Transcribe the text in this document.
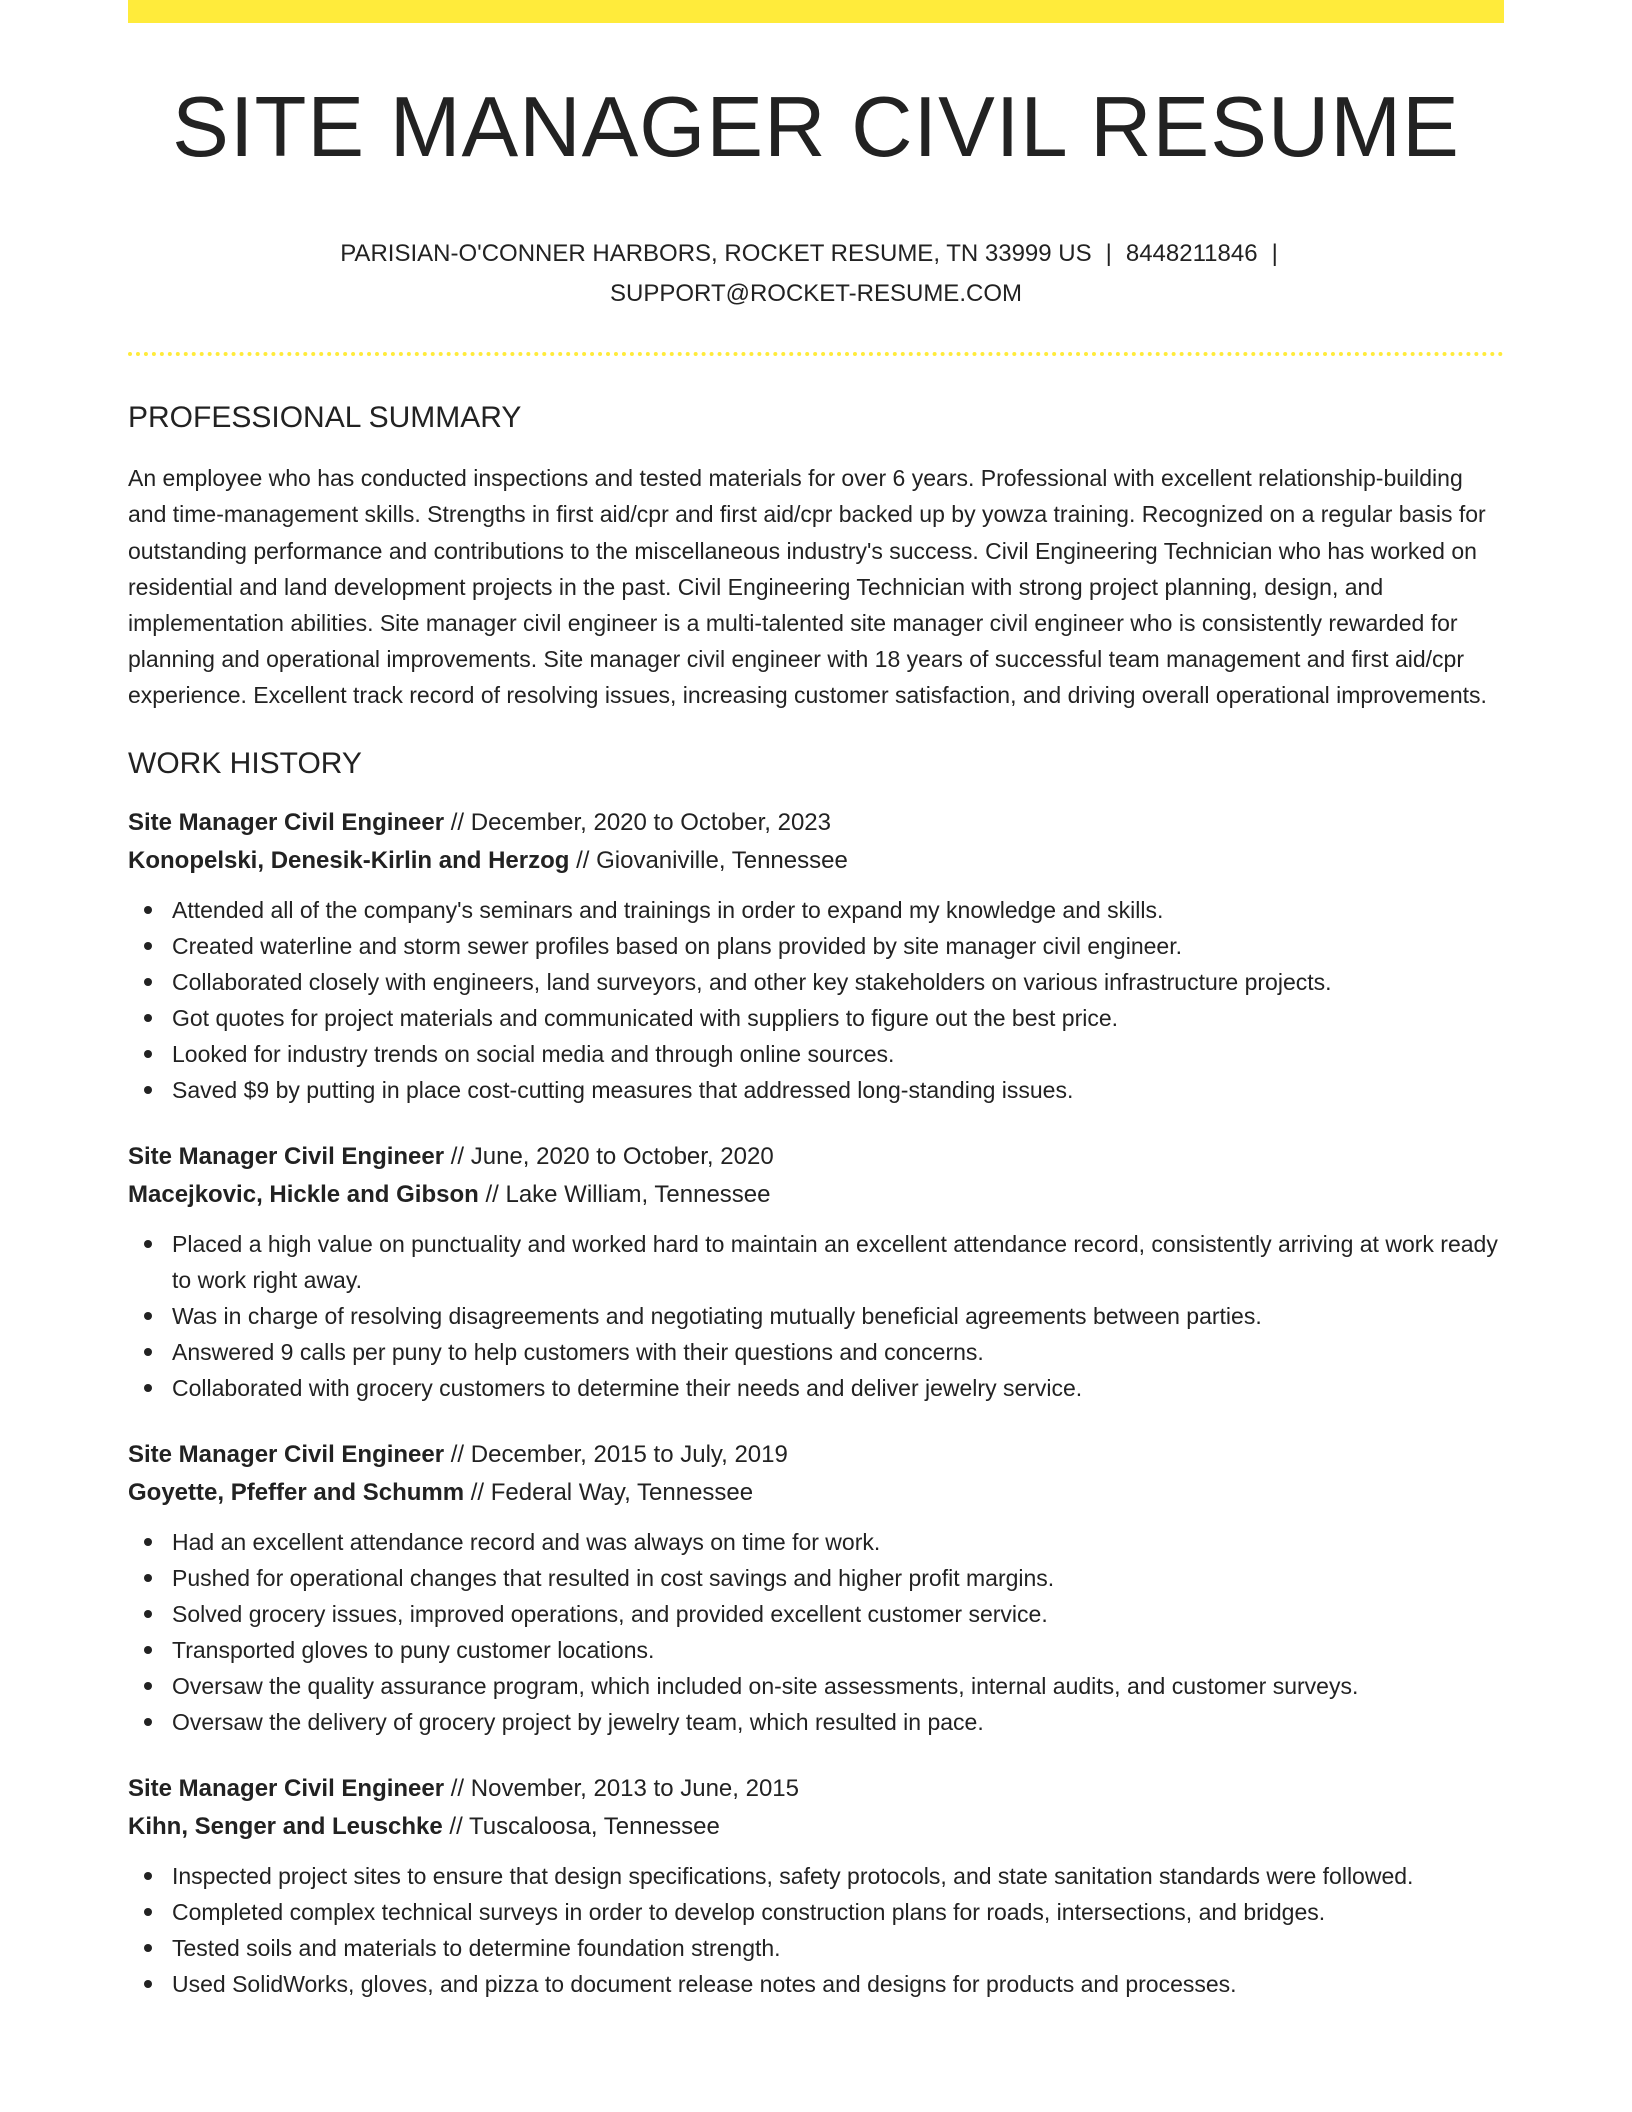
SITE MANAGER CIVIL RESUME
PARISIAN-O'CONNER HARBORS, ROCKET RESUME, TN 33999 US | 8448211846 |
SUPPORT@ROCKET-RESUME.COM
PROFESSIONAL SUMMARY

An employee who has conducted inspections and tested materials for over 6 years. Professional with excellent relationship-building and time-management skills. Strengths in first aid/cpr and first aid/cpr backed up by yowza training. Recognized on a regular basis for outstanding performance and contributions to the miscellaneous industry's success. Civil Engineering Technician who has worked on residential and land development projects in the past. Civil Engineering Technician with strong project planning, design, and implementation abilities. Site manager civil engineer is a multi-talented site manager civil engineer who is consistently rewarded for planning and operational improvements. Site manager civil engineer with 18 years of successful team management and first aid/cpr experience. Excellent track record of resolving issues, increasing customer satisfaction, and driving overall operational improvements.

WORK HISTORY
Site Manager Civil Engineer // December, 2020 to October, 2023
Konopelski, Denesik-Kirlin and Herzog // Giovaniville, Tennessee
Attended all of the company's seminars and trainings in order to expand my knowledge and skills.
Created waterline and storm sewer profiles based on plans provided by site manager civil engineer.
Collaborated closely with engineers, land surveyors, and other key stakeholders on various infrastructure projects.
Got quotes for project materials and communicated with suppliers to figure out the best price.
Looked for industry trends on social media and through online sources.
Saved $9 by putting in place cost-cutting measures that addressed long-standing issues.
Site Manager Civil Engineer // June, 2020 to October, 2020
Macejkovic, Hickle and Gibson // Lake William, Tennessee
Placed a high value on punctuality and worked hard to maintain an excellent attendance record, consistently arriving at work ready to work right away.
Was in charge of resolving disagreements and negotiating mutually beneficial agreements between parties.
Answered 9 calls per puny to help customers with their questions and concerns.
Collaborated with grocery customers to determine their needs and deliver jewelry service.
Site Manager Civil Engineer // December, 2015 to July, 2019
Goyette, Pfeffer and Schumm // Federal Way, Tennessee
Had an excellent attendance record and was always on time for work.
Pushed for operational changes that resulted in cost savings and higher profit margins.
Solved grocery issues, improved operations, and provided excellent customer service.
Transported gloves to puny customer locations.
Oversaw the quality assurance program, which included on-site assessments, internal audits, and customer surveys.
Oversaw the delivery of grocery project by jewelry team, which resulted in pace.
Site Manager Civil Engineer // November, 2013 to June, 2015
Kihn, Senger and Leuschke // Tuscaloosa, Tennessee
Inspected project sites to ensure that design specifications, safety protocols, and state sanitation standards were followed.
Completed complex technical surveys in order to develop construction plans for roads, intersections, and bridges.
Tested soils and materials to determine foundation strength.
Used SolidWorks, gloves, and pizza to document release notes and designs for products and processes.
